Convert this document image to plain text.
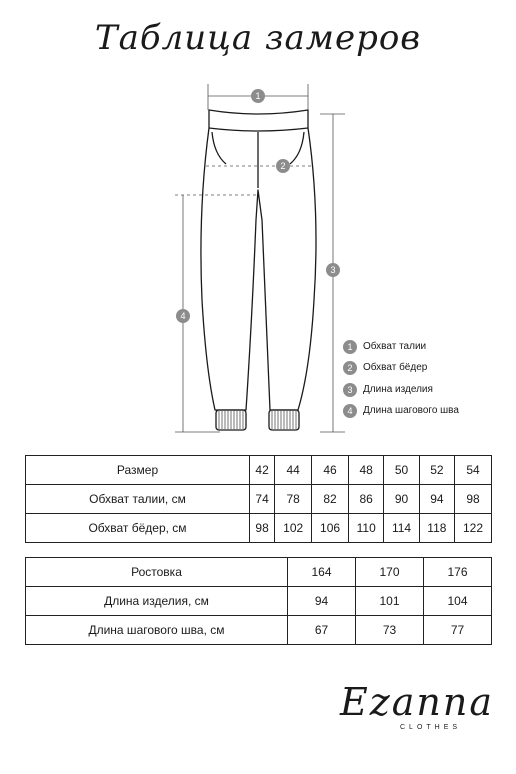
Таблица замеров
1
2
3
4
1	Обхват талии
2	Обхват бёдер
3	Длина изделия
4	Длина шагового шва
Размер	42	44	46	48	50	52	54
Обхват талии, см	74	78	82	86	90	94	98
Обхват бёдер, см	98	102	106	110	114	118	122
Ростовка	164	170	176
Длина изделия, см	94	101	104
Длина шагового шва, см	67	73	77
Ezanna
CLOTHES
